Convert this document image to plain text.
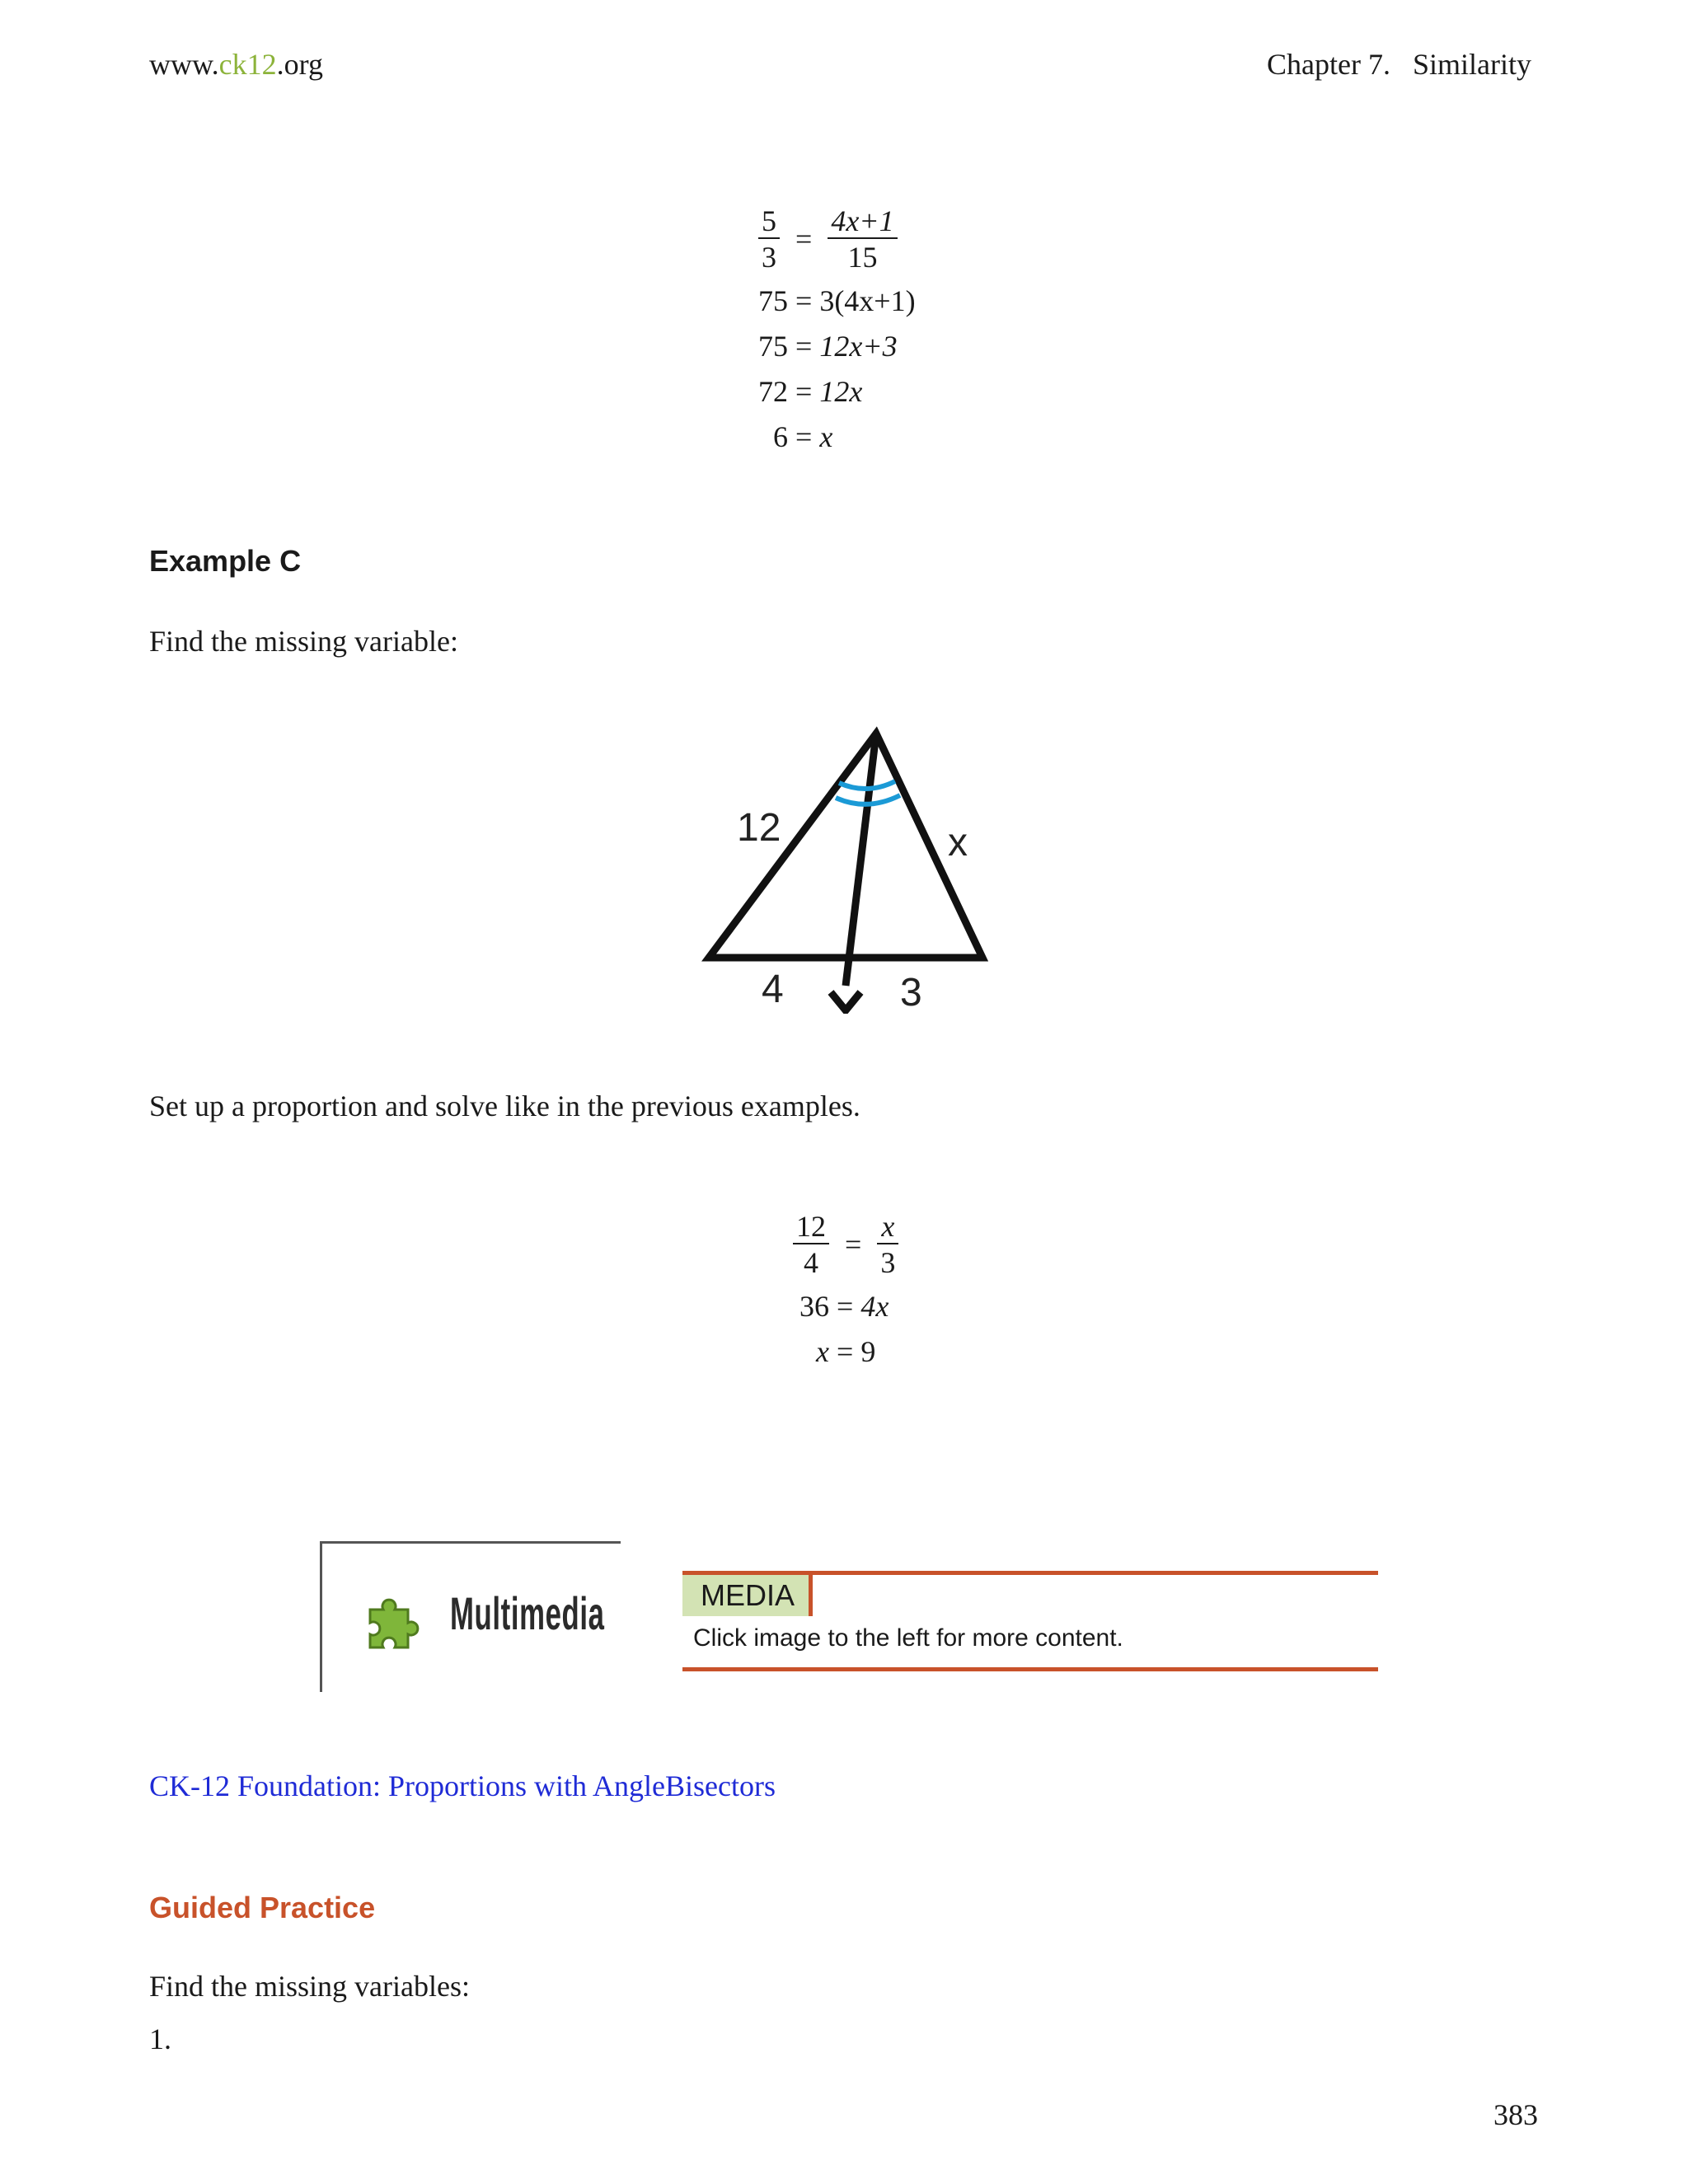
www.ck12.org	Chapter 7.   Similarity
$\frac{5}{3} = \frac{4x+1}{15}$
75 = 3(4x+1)
75 = 12x+3
72 = 12x
6 = x
Example C
Find the missing variable:
12	x
4	3
Set up a proportion and solve like in the previous examples.
$\frac{12}{4} = \frac{x}{3}$
36 = 4x
x = 9
Multimedia	MEDIA
Click image to the left for more content.
CK-12 Foundation: Proportions with AngleBisectors
Guided Practice
Find the missing variables:
1.
383
